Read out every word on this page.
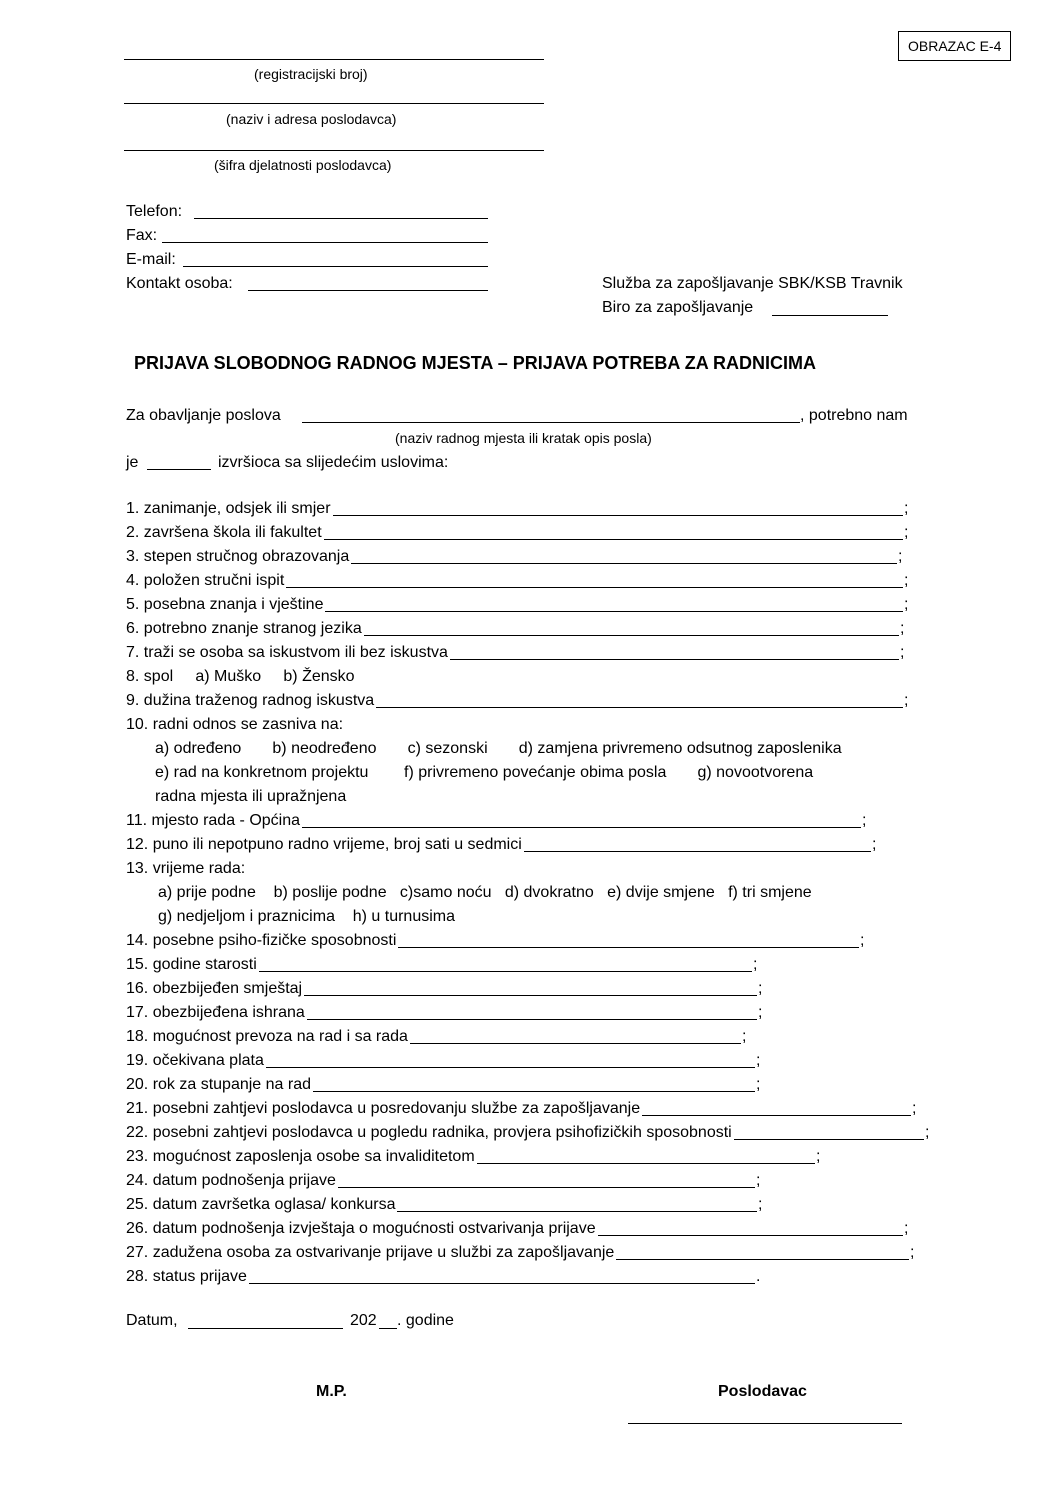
OBRAZAC E-4
(registracijski broj)
(naziv i adresa poslodavca)
(šifra djelatnosti poslodavca)
Telefon:
Fax:
E-mail:
Kontakt osoba:	Služba za zapošljavanje SBK/KSB Travnik
Biro za zapošljavanje
PRIJAVA SLOBODNOG RADNOG MJESTA – PRIJAVA POTREBA ZA RADNICIMA
Za obavljanje poslova	, potrebno nam
(naziv radnog mjesta ili kratak opis posla)
je	izvršioca sa slijedećim uslovima:
1. zanimanje, odsjek ili smjer	;
2. završena škola ili fakultet	;
3. stepen stručnog obrazovanja	;
4. položen stručni ispit	;
5. posebna znanja i vještine	;
6. potrebno znanje stranog jezika	;
7. traži se osoba sa iskustvom ili bez iskustva	;
8. spol     a) Muško     b) Žensko
9. dužina traženog radnog iskustva	;
10. radni odnos se zasniva na:
a) određeno       b) neodređeno       c) sezonski       d) zamjena privremeno odsutnog zaposlenika
e) rad na konkretnom projektu        f) privremeno povećanje obima posla       g) novootvorena
radna mjesta ili upražnjena
11. mjesto rada - Općina	;
12. puno ili nepotpuno radno vrijeme, broj sati u sedmici	;
13. vrijeme rada:
a) prije podne    b) poslije podne   c)samo noću   d) dvokratno   e) dvije smjene   f) tri smjene
g) nedjeljom i praznicima    h) u turnusima
14. posebne psiho-fizičke sposobnosti	;
15. godine starosti	;
16. obezbijeđen smještaj	;
17. obezbijeđena ishrana	;
18. mogućnost prevoza na rad i sa rada	;
19. očekivana plata	;
20. rok za stupanje na rad	;
21. posebni zahtjevi poslodavca u posredovanju službe za zapošljavanje	;
22. posebni zahtjevi poslodavca u pogledu radnika, provjera psihofizičkih sposobnosti	;
23. mogućnost zaposlenja osobe sa invaliditetom	;
24. datum podnošenja prijave	;
25. datum završetka oglasa/ konkursa	;
26. datum podnošenja izvještaja o mogućnosti ostvarivanja prijave	;
27. zadužena osoba za ostvarivanje prijave u službi za zapošljavanje	;
28. status prijave	.
Datum,	202 . godine
M.P.	Poslodavac
